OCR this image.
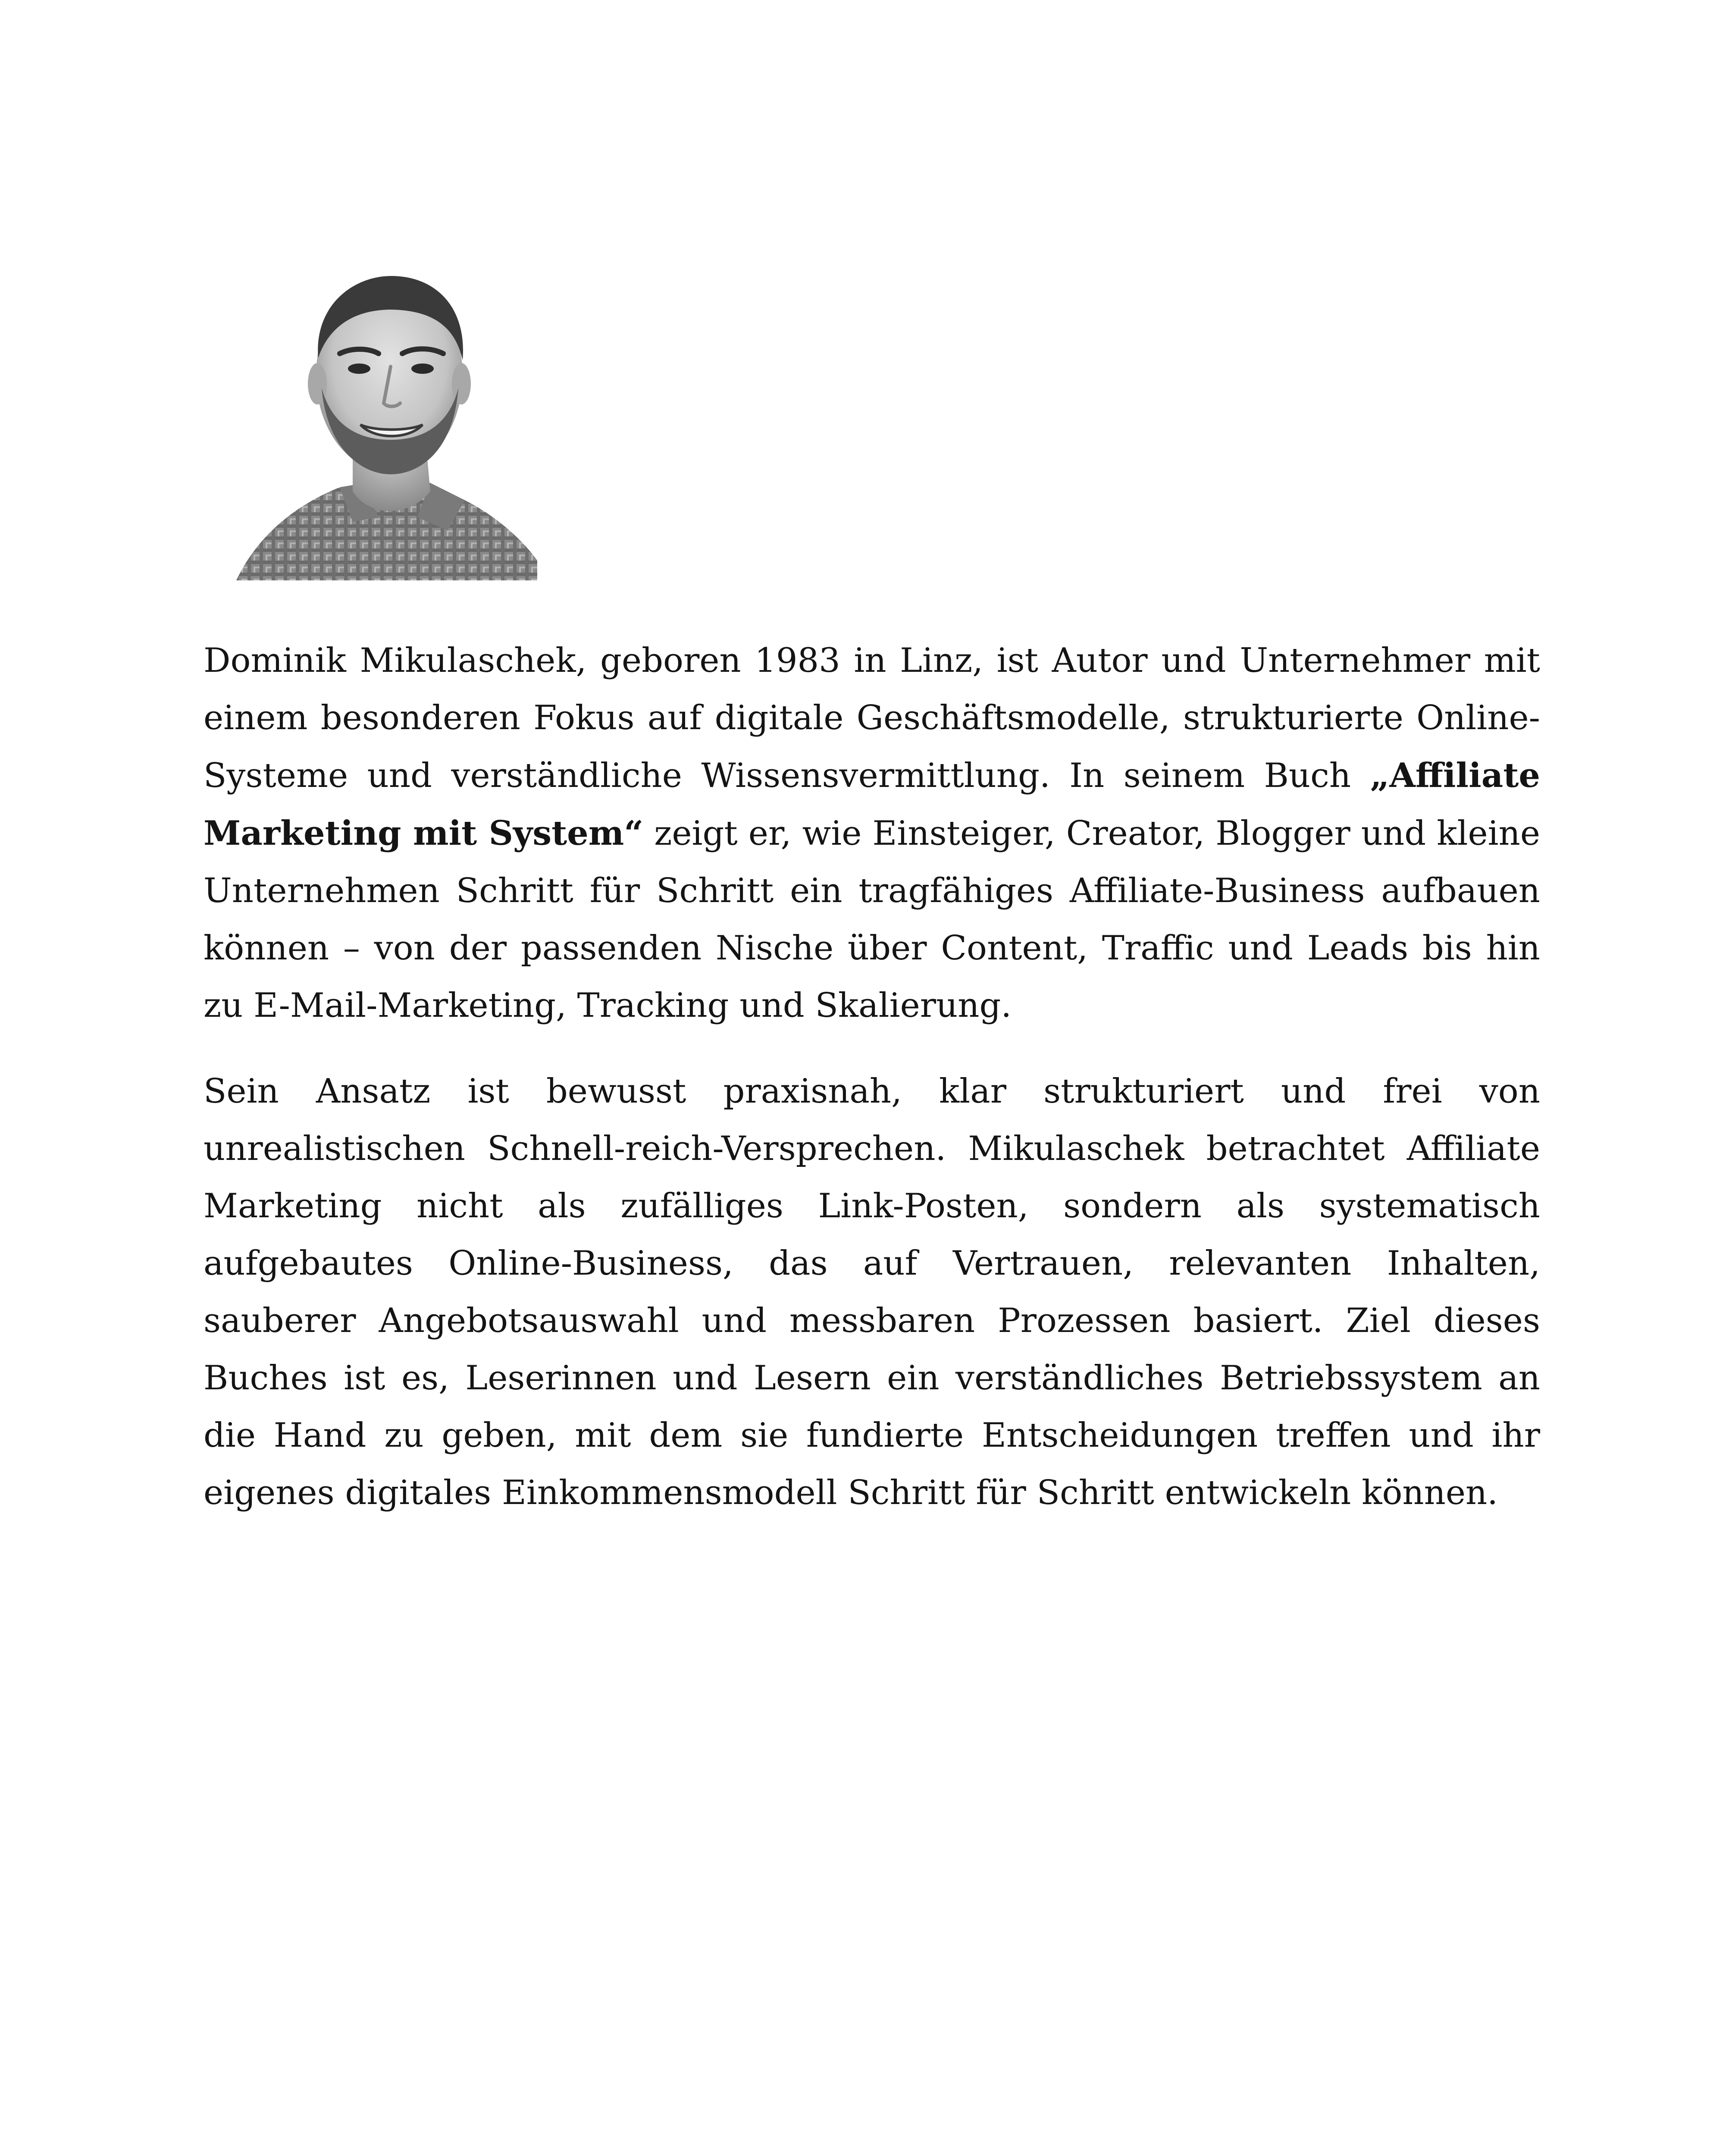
Dominik Mikulaschek, geboren 1983 in Linz, ist Autor und Unternehmer mit einem besonderen Fokus auf digitale Geschäftsmodelle, strukturierte Online-Systeme und verständliche Wissensvermittlung. In seinem Buch „Affiliate Marketing mit System“ zeigt er, wie Einsteiger, Creator, Blogger und kleine Unternehmen Schritt für Schritt ein tragfähiges Affiliate-Business aufbauen können – von der passenden Nische über Content, Traffic und Leads bis hin zu E-Mail-Marketing, Tracking und Skalierung.

Sein Ansatz ist bewusst praxisnah, klar strukturiert und frei von unrealistischen Schnell-reich-Versprechen. Mikulaschek betrachtet Affiliate Marketing nicht als zufälliges Link-Posten, sondern als systematisch aufgebautes Online-Business, das auf Vertrauen, relevanten Inhalten, sauberer Angebotsauswahl und messbaren Prozessen basiert. Ziel dieses Buches ist es, Leserinnen und Lesern ein verständliches Betriebssystem an die Hand zu geben, mit dem sie fundierte Entscheidungen treffen und ihr eigenes digitales Einkommensmodell Schritt für Schritt entwickeln können.
